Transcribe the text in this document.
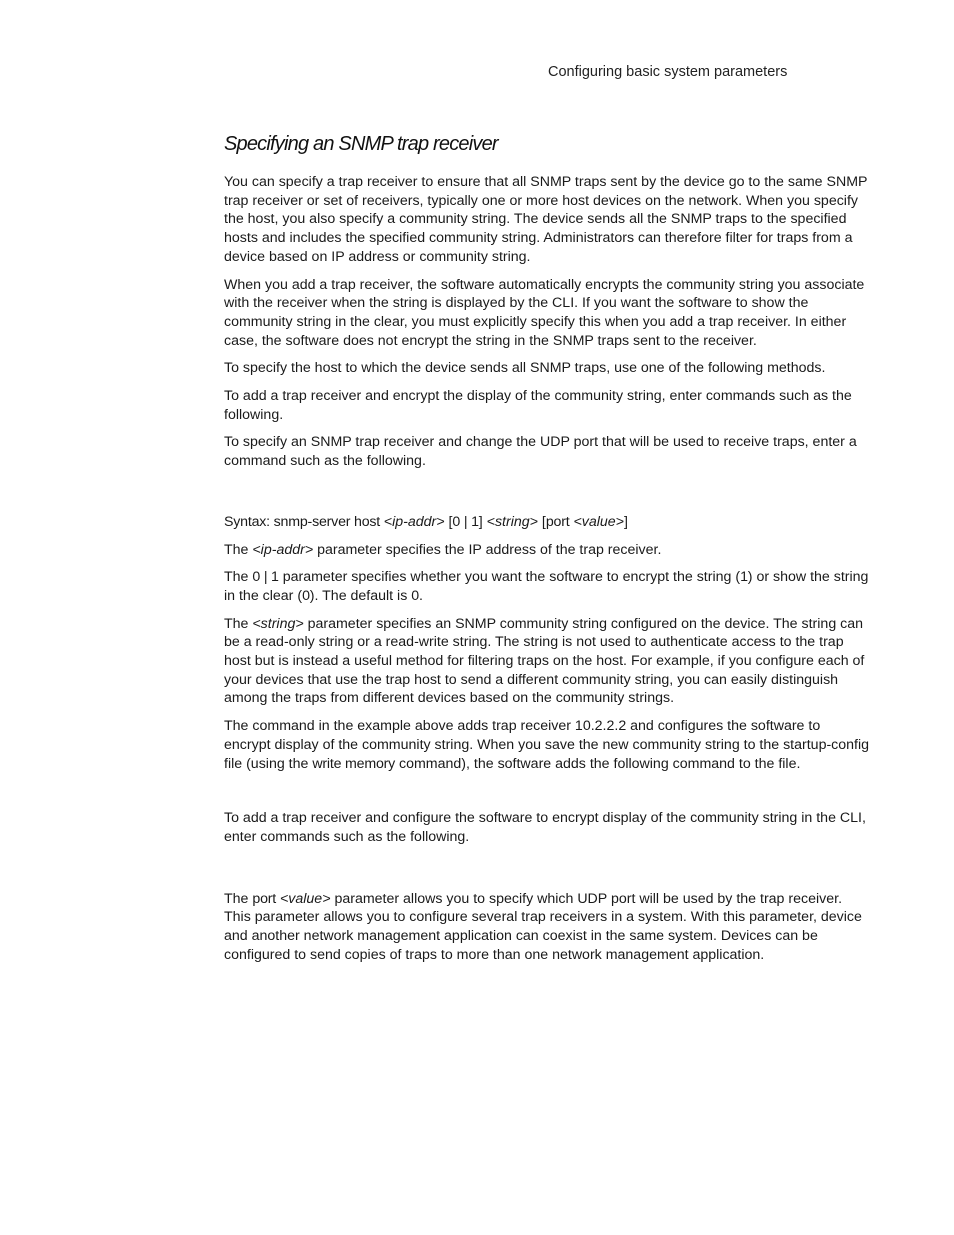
Configuring basic system parameters
Specifying an SNMP trap receiver

You can specify a trap receiver to ensure that all SNMP traps sent by the device go to the same SNMP trap receiver or set of receivers, typically one or more host devices on the network. When you specify the host, you also specify a community string. The device sends all the SNMP traps to the specified hosts and includes the specified community string. Administrators can therefore filter for traps from a device based on IP address or community string.

When you add a trap receiver, the software automatically encrypts the community string you associate with the receiver when the string is displayed by the CLI. If you want the software to show the community string in the clear, you must explicitly specify this when you add a trap receiver. In either case, the software does not encrypt the string in the SNMP traps sent to the receiver.

To specify the host to which the device sends all SNMP traps, use one of the following methods.

To add a trap receiver and encrypt the display of the community string, enter commands such as the following.

To specify an SNMP trap receiver and change the UDP port that will be used to receive traps, enter a command such as the following.

Syntax: snmp-server host <ip-addr> [0 | 1] <string> [port <value>]

The <ip-addr> parameter specifies the IP address of the trap receiver.

The 0 | 1 parameter specifies whether you want the software to encrypt the string (1) or show the string in the clear (0). The default is 0.

The <string> parameter specifies an SNMP community string configured on the device. The string can be a read-only string or a read-write string. The string is not used to authenticate access to the trap host but is instead a useful method for filtering traps on the host. For example, if you configure each of your devices that use the trap host to send a different community string, you can easily distinguish among the traps from different devices based on the community strings.

The command in the example above adds trap receiver 10.2.2.2 and configures the software to encrypt display of the community string. When you save the new community string to the startup-config file (using the write memory command), the software adds the following command to the file.

To add a trap receiver and configure the software to encrypt display of the community string in the CLI, enter commands such as the following.

The port <value> parameter allows you to specify which UDP port will be used by the trap receiver. This parameter allows you to configure several trap receivers in a system. With this parameter, device and another network management application can coexist in the same system. Devices can be configured to send copies of traps to more than one network management application.
